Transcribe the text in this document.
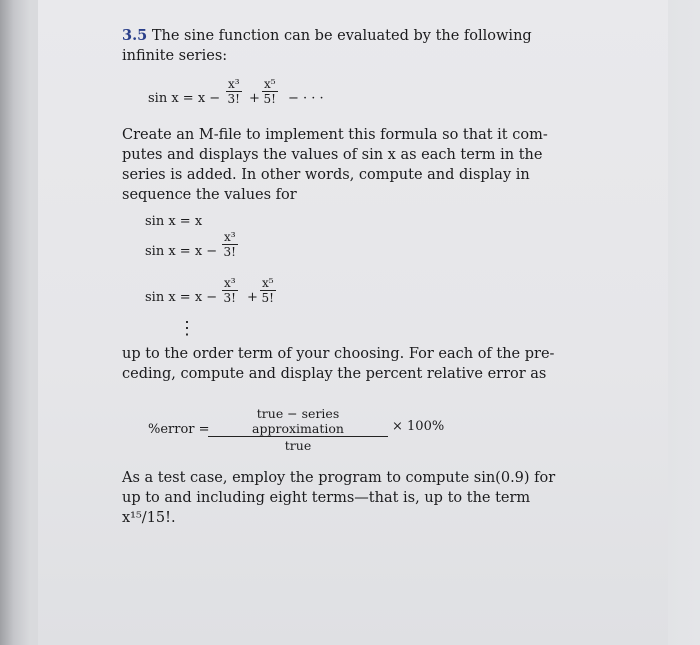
3.5 The sine function can be evaluated by the following
infinite series:
$\sin x = x - \frac{\text{x³}}{3!} + \frac{\text{x⁵}}{5!}$ − · · ·
Create an M-file to implement this formula so that it com-
putes and displays the values of sin x as each term in the
series is added. In other words, compute and display in
sequence the values for
sin x = x
$\sin x = x - \frac{\text{x³}}{3!}$
$\sin x = x - \frac{\text{x³}}{3!} + \frac{\text{x⁵}}{5!}$
⋮
up to the order term of your choosing. For each of the pre-
ceding, compute and display the percent relative error as
%error =
true − series approximation
true
× 100%
As a test case, employ the program to compute sin(0.9) for
up to and including eight terms—that is, up to the term
x¹⁵/15!.
